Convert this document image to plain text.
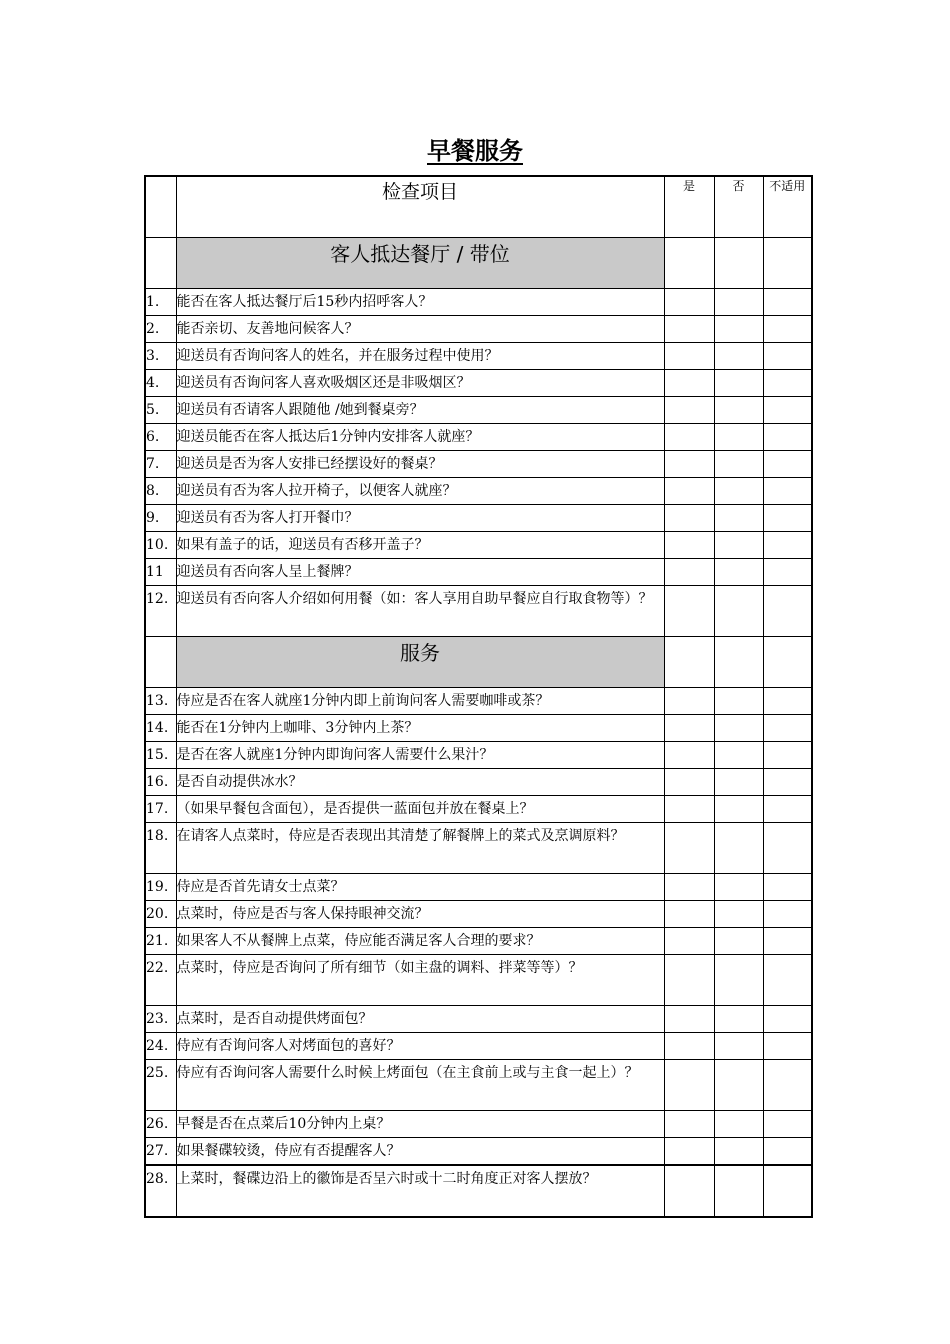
早餐服务
	检查项目	是	否	不适用
	客人抵达餐厅 / 带位			
1.	能否在客人抵达餐厅后15秒内招呼客人？			
2.	能否亲切、友善地问候客人？			
3.	迎送员有否询问客人的姓名，并在服务过程中使用？			
4.	迎送员有否询问客人喜欢吸烟区还是非吸烟区？			
5.	迎送员有否请客人跟随他 /她到餐桌旁？			
6.	迎送员能否在客人抵达后1分钟内安排客人就座？			
7.	迎送员是否为客人安排已经摆设好的餐桌？			
8.	迎送员有否为客人拉开椅子，以便客人就座？			
9.	迎送员有否为客人打开餐巾？			
10.	如果有盖子的话，迎送员有否移开盖子？			
11	迎送员有否向客人呈上餐牌？			
12.	迎送员有否向客人介绍如何用餐（如：客人享用自助早餐应自行取食物等）？			
	服务			
13.	侍应是否在客人就座1分钟内即上前询问客人需要咖啡或茶？			
14.	能否在1分钟内上咖啡、3分钟内上茶？			
15.	是否在客人就座1分钟内即询问客人需要什么果汁？			
16.	是否自动提供冰水？			
17.	（如果早餐包含面包），是否提供一蓝面包并放在餐桌上？			
18.	在请客人点菜时，侍应是否表现出其清楚了解餐牌上的菜式及烹调原料？			
19.	侍应是否首先请女士点菜？			
20.	点菜时，侍应是否与客人保持眼神交流？			
21.	如果客人不从餐牌上点菜，侍应能否满足客人合理的要求？			
22.	点菜时，侍应是否询问了所有细节（如主盘的调料、拌菜等等）？			
23.	点菜时，是否自动提供烤面包？			
24.	侍应有否询问客人对烤面包的喜好？			
25.	侍应有否询问客人需要什么时候上烤面包（在主食前上或与主食一起上）？			
26.	早餐是否在点菜后10分钟内上桌？			
27.	如果餐碟较烫，侍应有否提醒客人？			
28.	上菜时，餐碟边沿上的徽饰是否呈六时或十二时角度正对客人摆放？			
